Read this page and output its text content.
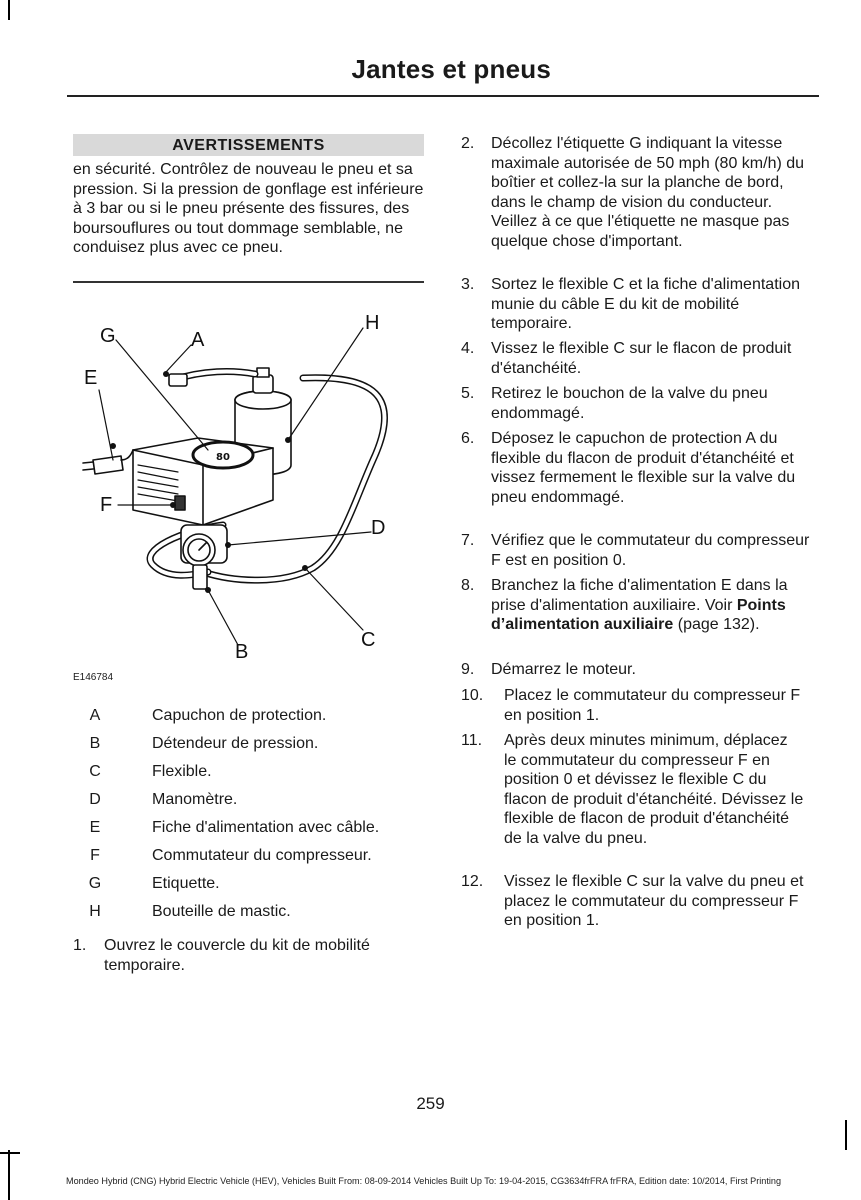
Jantes et pneus
AVERTISSEMENTS

en sécurité. Contrôlez de nouveau le pneu et sa pression. Si la pression de gonflage est inférieure à 3 bar ou si le pneu présente des fissures, des boursouflures ou tout dommage semblable, ne conduisez plus avec ce pneu.

80
G	A
H
E
F
D
C
B
E146784
A	Capuchon de protection.
B	Détendeur de pression.
C	Flexible.
D	Manomètre.
E	Fiche d'alimentation avec câble.
F	Commutateur du compresseur.
G	Etiquette.
H	Bouteille de mastic.
1. Ouvrez le couvercle du kit de mobilité temporaire.

2. Décollez l'étiquette G indiquant la vitesse maximale autorisée de 50 mph (80 km/h) du boîtier et collez-la sur la planche de bord, dans le champ de vision du conducteur. Veillez à ce que l'étiquette ne masque pas quelque chose d'important.

3. Sortez le flexible C et la fiche d'alimentation munie du câble E du kit de mobilité temporaire.

4. Vissez le flexible C sur le flacon de produit d'étanchéité.

5. Retirez le bouchon de la valve du pneu endommagé.

6. Déposez le capuchon de protection A du flexible du flacon de produit d'étanchéité et vissez fermement le flexible sur la valve du pneu endommagé.

7. Vérifiez que le commutateur du compresseur F est en position 0.

8. Branchez la fiche d'alimentation E dans la prise d'alimentation auxiliaire. Voir Points d’alimentation auxiliaire (page 132).

9. Démarrez le moteur.

10. Placez le commutateur du compresseur F en position 1.

11. Après deux minutes minimum, déplacez le commutateur du compresseur F en position 0 et dévissez le flexible C du flacon de produit d'étanchéité. Dévissez le flexible de flacon de produit d'étanchéité de la valve du pneu.

12. Vissez le flexible C sur la valve du pneu et placez le commutateur du compresseur F en position 1.

259
Mondeo Hybrid (CNG) Hybrid Electric Vehicle (HEV), Vehicles Built From: 08-09-2014 Vehicles Built Up To: 19-04-2015, CG3634frFRA frFRA, Edition date: 10/2014, First Printing
